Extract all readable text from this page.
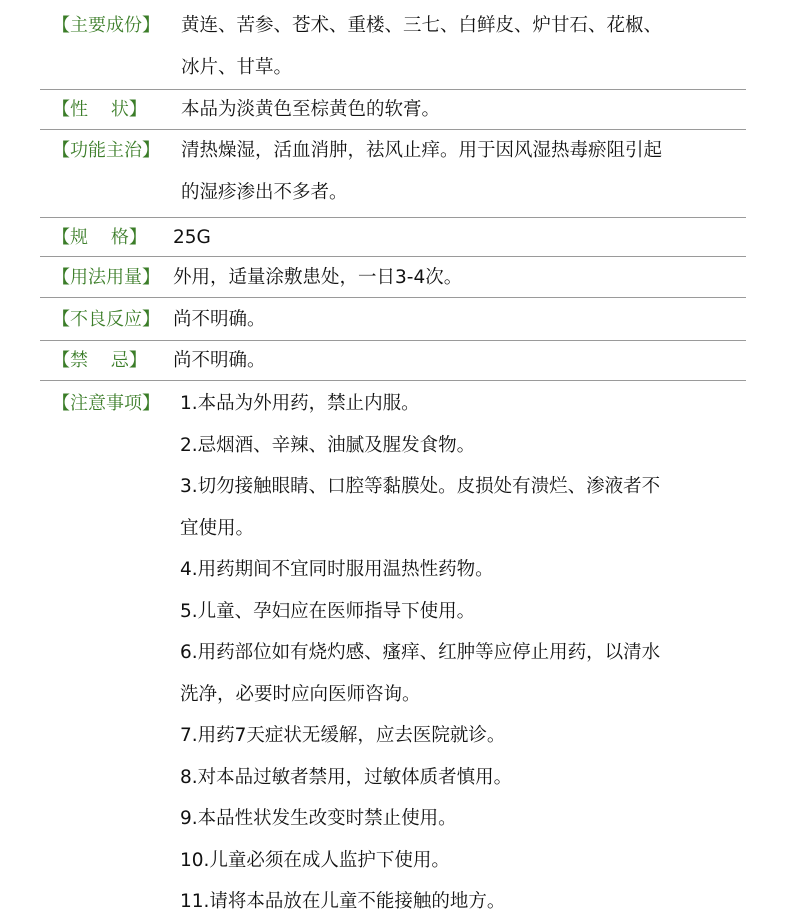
【主要成份】 黄连、苦参、苍术、重楼、三七、白鲜皮、炉甘石、花椒、
冰片、甘草。
【性    状】 本品为淡黄色至棕黄色的软膏。
【功能主治】 清热燥湿，活血消肿，祛风止痒。用于因风湿热毒瘀阻引起
的湿疹渗出不多者。
【规    格】 25G
【用法用量】 外用，适量涂敷患处，一日3-4次。
【不良反应】 尚不明确。
【禁    忌】 尚不明确。
【注意事项】 1.本品为外用药，禁止内服。
2.忌烟酒、辛辣、油腻及腥发食物。
3.切勿接触眼睛、口腔等黏膜处。皮损处有溃烂、渗液者不
宜使用。
4.用药期间不宜同时服用温热性药物。
5.儿童、孕妇应在医师指导下使用。
6.用药部位如有烧灼感、瘙痒、红肿等应停止用药，以清水
洗净，必要时应向医师咨询。
7.用药7天症状无缓解，应去医院就诊。
8.对本品过敏者禁用，过敏体质者慎用。
9.本品性状发生改变时禁止使用。
10.儿童必须在成人监护下使用。
11.请将本品放在儿童不能接触的地方。
